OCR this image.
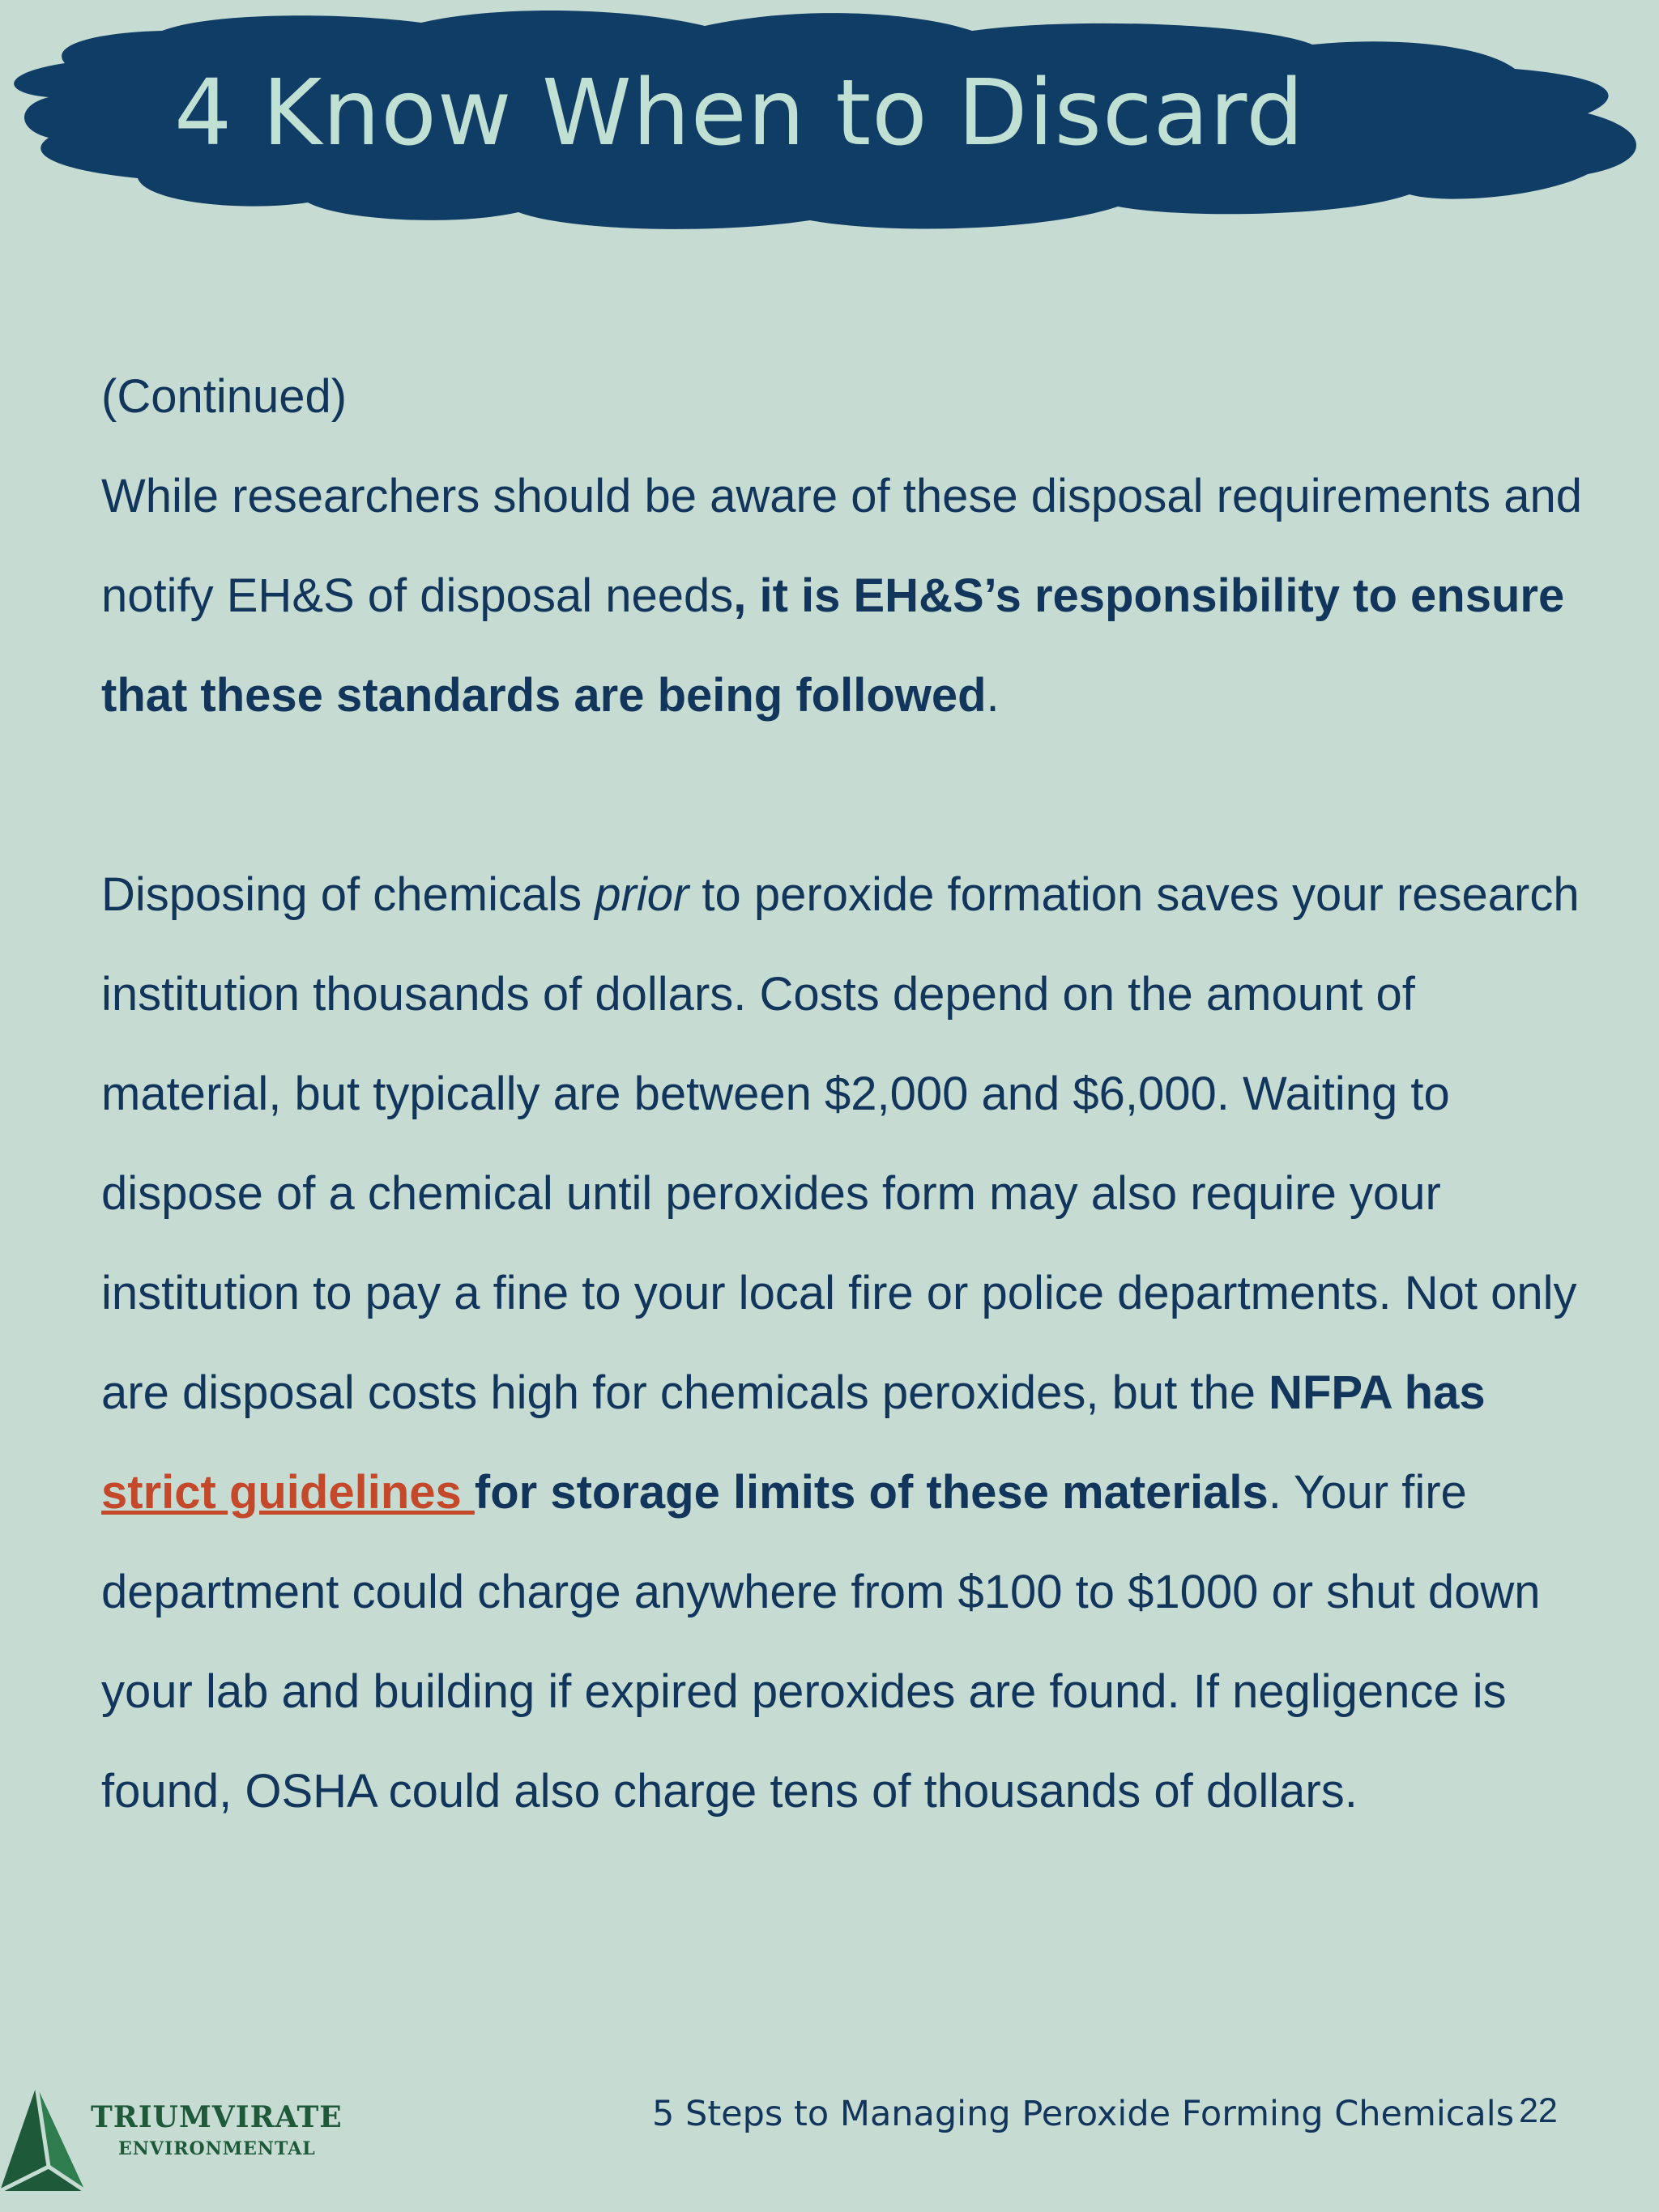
4 Know When to Discard

(Continued)

While researchers should be aware of these disposal requirements and notify EH&S of disposal needs, it is EH&S’s responsibility to ensure that these standards are being followed.

Disposing of chemicals prior to peroxide formation saves your research institution thousands of dollars. Costs depend on the amount of material, but typically are between $2,000 and $6,000. Waiting to dispose of a chemical until peroxides form may also require your institution to pay a fine to your local fire or police departments. Not only are disposal costs high for chemicals peroxides, but the NFPA has strict guidelines for storage limits of these materials. Your fire department could charge anywhere from $100 to $1000 or shut down your lab and building if expired peroxides are found. If negligence is found, OSHA could also charge tens of thousands of dollars.

TRIUMVIRATE
ENVIRONMENTAL
5 Steps to Managing Peroxide Forming Chemicals 22
